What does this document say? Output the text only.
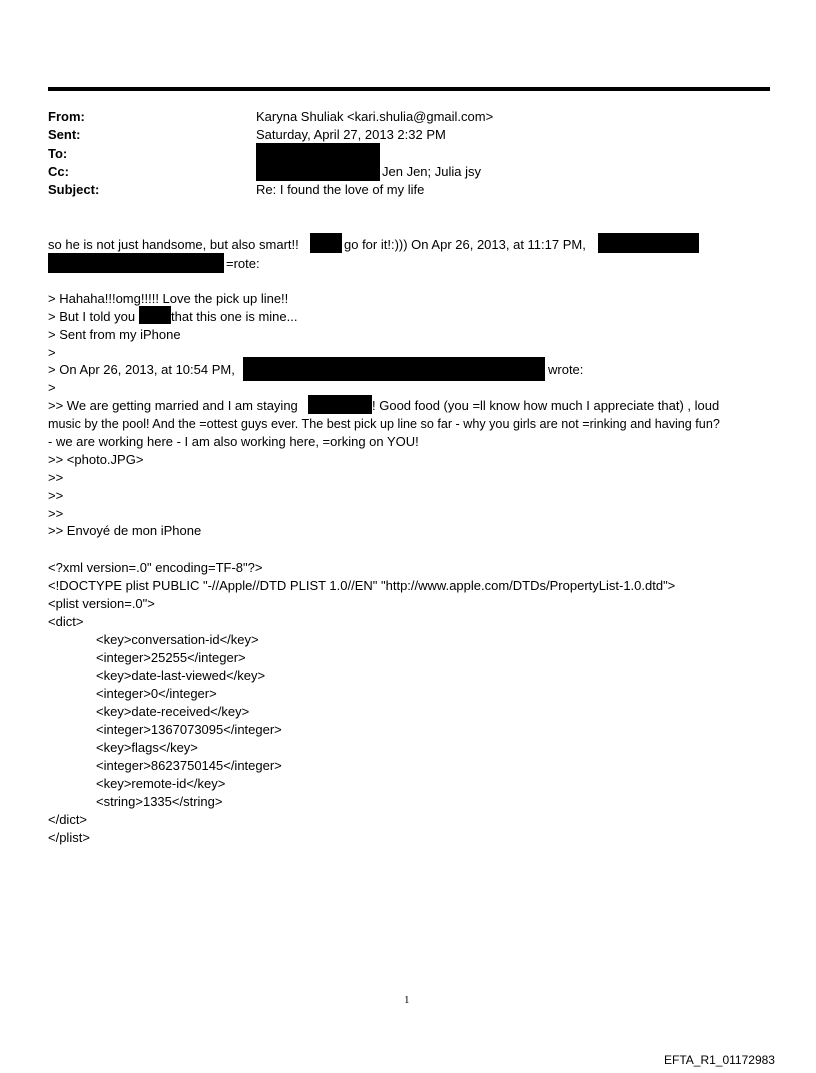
From:	Karyna Shuliak <kari.shulia@gmail.com>
Sent:	Saturday, April 27, 2013 2:32 PM
To:
Cc:	Jen Jen; Julia jsy
Subject:	Re: I found the love of my life
so he is not just handsome, but also smart!!	go for it!:))) On Apr 26, 2013, at 11:17 PM,
=rote:
> Hahaha!!!omg!!!!! Love the pick up line!!
> But I told you	that this one is mine...
> Sent from my iPhone
>
> On Apr 26, 2013, at 10:54 PM,	wrote:
>
>> We are getting married and I am staying	! Good food (you =ll know how much I appreciate that) , loud
music by the pool! And the =ottest guys ever. The best pick up line so far - why you girls are not =rinking and having fun?
- we are working here - I am also working here, =orking on YOU!
>> <photo.JPG>
>>
>>
>>
>> Envoyé de mon iPhone
<?xml version=.0" encoding=TF-8"?>
<!DOCTYPE plist PUBLIC "-//Apple//DTD PLIST 1.0//EN" "http://www.apple.com/DTDs/PropertyList-1.0.dtd">
<plist version=.0">
<dict>
<key>conversation-id</key>
<integer>25255</integer>
<key>date-last-viewed</key>
<integer>0</integer>
<key>date-received</key>
<integer>1367073095</integer>
<key>flags</key>
<integer>8623750145</integer>
<key>remote-id</key>
<string>1335</string>
</dict>
</plist>
1
EFTA_R1_01172983
